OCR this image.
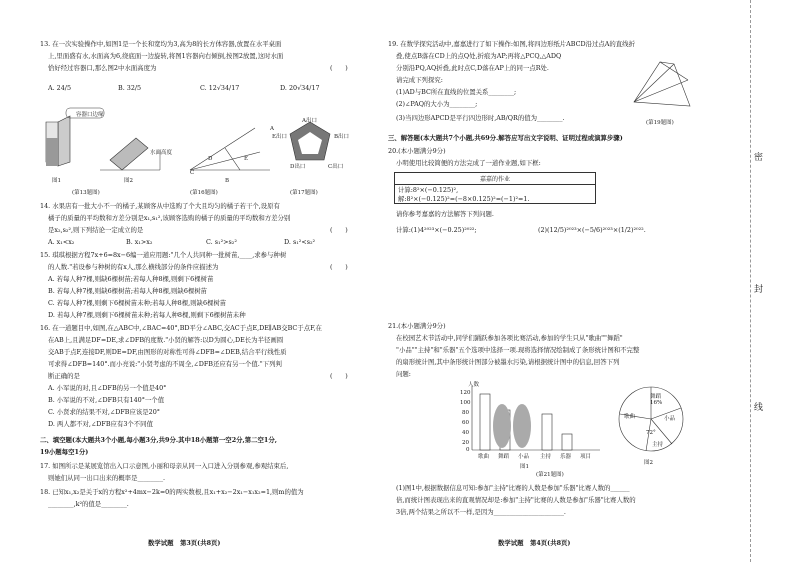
13. 在一次实验操作中,如图1是一个长和宽均为3,高为8的长方体容器,放置在水平桌面
上,里面盛有水,水面高为6,绕底面一边旋转,将图1容器向右倾倒,按图2放置,这时水面
恰好经过容器口,那么图2中水面高度为	(　　)
A. 24/5	B. 32/5	C. 12√34/17	D. 20√34/17
容器口边缘
水面高度
图1	图2	B
A
C
D	E
A出口
B出口
D出口	C出口
E出口
(第13题图)	(第16题图)	(第17题图)
14. 水果店有一批大小不一的橘子,某顾客从中选购了个大且均匀的橘子若干个,设原有
橘子的质量的平均数和方差分别是x₁,s₁²,该顾客选购的橘子的质量的平均数和方差分别
是x₂,s₂²,则下列结论一定成立的是	(　　)
A. x₁<x₂	B. x₁>x₂	C. s₁²>s₂²	D. s₁²<s₂²
15. 琪琪根据方程7x+6=8x−6编一道应用题:"几个人共同种一批树苗,____,求参与种树
的人数."若设参与种树的有x人,那么横线部分的条件应描述为	(　　)
A. 若每人种7棵,则缺6棵树苗;若每人种8棵,则剩下6棵树苗
B. 若每人种7棵,则缺6棵树苗;若每人种8棵,则缺6棵树苗
C. 若每人种7棵,则剩下6棵树苗未种;若每人种8棵,则缺6棵树苗
D. 若每人种7棵,则剩下6棵树苗未种;若每人种8棵,则剩下6棵树苗未种
16. 在一道题目中,如图,在△ABC中,∠BAC=40°,BD平分∠ABC,交AC于点E,DE∥AB交BC于点F,在
在AB上,且满足DF=DE,求∠DFB的度数."小贤的解答:以D为圆心,DE长为半径画圆
交AB于点F,连接DF,则DE=DF,由图形的对称性可得∠DFB=∠DEB,结合平行线性质
可求得∠DFB=140°.而小亮说:"小贤考虑的不周全,∠DFB还应有另一个值."下列判
断正确的是	(　　)
A. 小军说的对,且∠DFB的另一个值是40°
B. 小军说的不对,∠DFB只有140°一个值
C. 小贤求的结果不对,∠DFB应该是20°
D. 两人都不对,∠DFB应有3个不同值
二、填空题(本大题共3个小题,每小题3分,共9分.其中18小题第一空2分,第二空1分,
19小题每空1分)
17. 如图所示是某展览馆出入口示意图,小丽和母亲从同一入口进入分别参观,参观结束后,
则她们从同一出口出来的概率是________.
18. 已知x₁,x₂是关于x的方程x²+4mx−2k=0的两实数根,且x₁+x₂−2x₁−x₁x₂=1,则m的值为
________,k²的值是________.
数学试题　第3页(共8页)
19. 在数学探究活动中,嘉嘉进行了如下操作:如图,将四边形纸片ABCD沿过点A的直线折
叠,使点B落在CD上的点Q处,折痕为AP;再将△PCQ,△ADQ
分别沿PQ,AQ折叠,此时点C,D落在AP上的同一点R处.
请完成下列探究:
(1)AD与BC所在直线的位置关系________;
(2)∠PAQ的大小为________;
(3)当四边形APCD是平行四边形时,AB/QR的值为________.
(第19题图)
三、解答题(本大题共7个小题,共69分.解答应写出文字说明、证明过程或演算步骤)
20.(本小题满分9分)
小明使用比较简便的方法完成了一道作业题,如下框:
嘉嘉的作业
计算:8²×(−0.125)²,
解:8²×(−0.125)²=(−8×0.125)²=(−1)²=1.
请你参考嘉嘉的方法解答下列问题.
计算:(1)4²⁰²³×(−0.25)²⁰²²;	(2)(12/5)²⁰²³×(−5/6)²⁰²³×(1/2)²⁰²².
21.(本小题满分9分)
在校园艺术节活动中,同学们踊跃参加各项比赛活动,参加的学生只从"歌曲""舞蹈"
"小品""主持"和"乐器"五个选项中选择一项.现将选择情况绘制成了条形统计图和不完整
的扇形统计图,其中条形统计图部分被墨水污染,请根据统计图中的信息,回答下列
问题:
人数
120
100
80
60
40
20
0
歌曲 舞蹈 小品 主持 乐器 项目
图1
舞蹈
16%
歌曲	小品
72°
主持
图2
(第21题图)
(1)图1中,根据数据信息可知:参加"主持"比赛的人数是参加"乐器"比赛人数的______
倍,而统计图表现出来的直观情况却是:参加"主持"比赛的人数是参加"乐器"比赛人数的
3倍,两个结果之所以不一样,是因为______________________.
数学试题　第4页(共8页)
密
封
线
